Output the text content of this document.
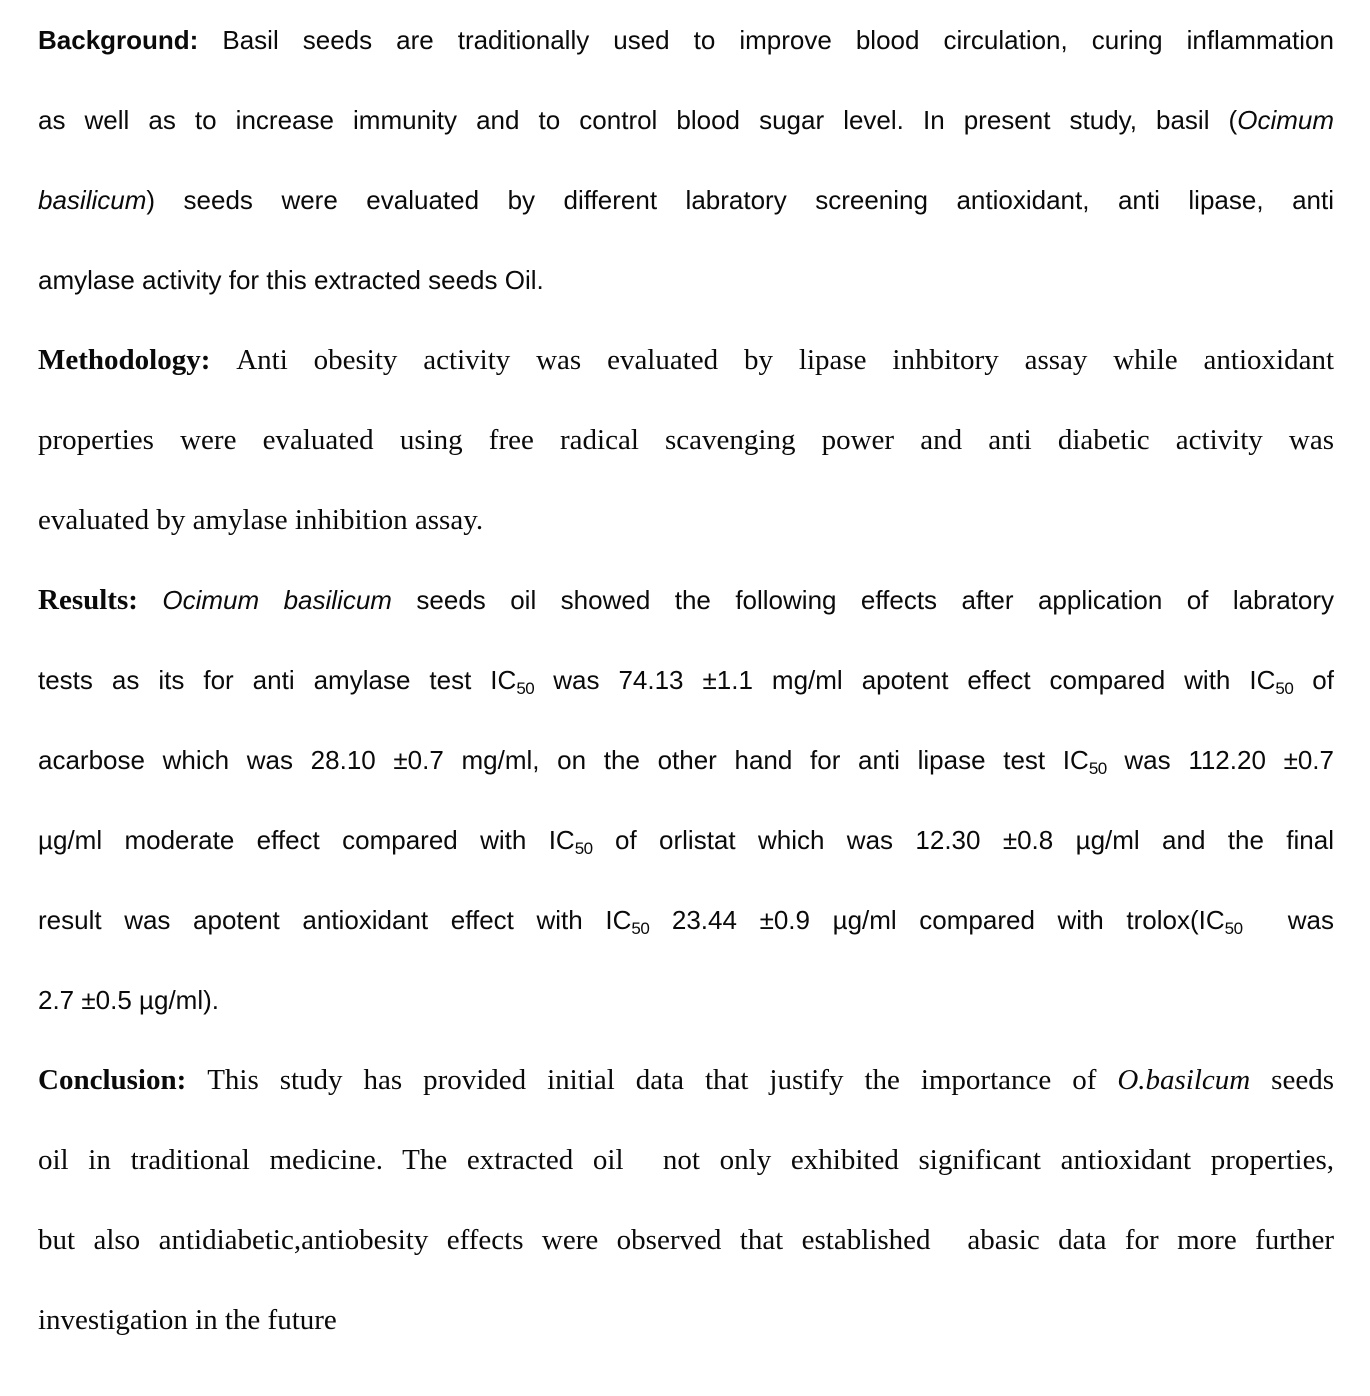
Background: Basil seeds are traditionally used to improve blood circulation, curing inflammation
as well as to increase immunity and to control blood sugar level. In present study, basil (Ocimum
basilicum) seeds were evaluated by different labratory screening antioxidant, anti lipase, anti
amylase activity for this extracted seeds Oil.
Methodology: Anti obesity activity was evaluated by lipase inhbitory assay while antioxidant
properties were evaluated using free radical scavenging power and anti diabetic activity was
evaluated by amylase inhibition assay.
Results: Ocimum basilicum seeds oil showed the following effects after application of labratory
tests as its for anti amylase test IC50 was 74.13 ±1.1 mg/ml apotent effect compared with IC50 of
acarbose which was 28.10 ±0.7 mg/ml, on the other hand for anti lipase test IC50 was 112.20 ±0.7
µg/ml moderate effect compared with IC50 of orlistat which was 12.30 ±0.8 µg/ml and the final
result was apotent antioxidant effect with IC50 23.44 ±0.9 µg/ml compared with trolox(IC50  was
2.7 ±0.5 µg/ml).
Conclusion: This study has provided initial data that justify the importance of O.basilcum seeds
oil in traditional medicine. The extracted oil  not only exhibited significant antioxidant properties,
but also antidiabetic,antiobesity effects were observed that established  abasic data for more further
investigation in the future
